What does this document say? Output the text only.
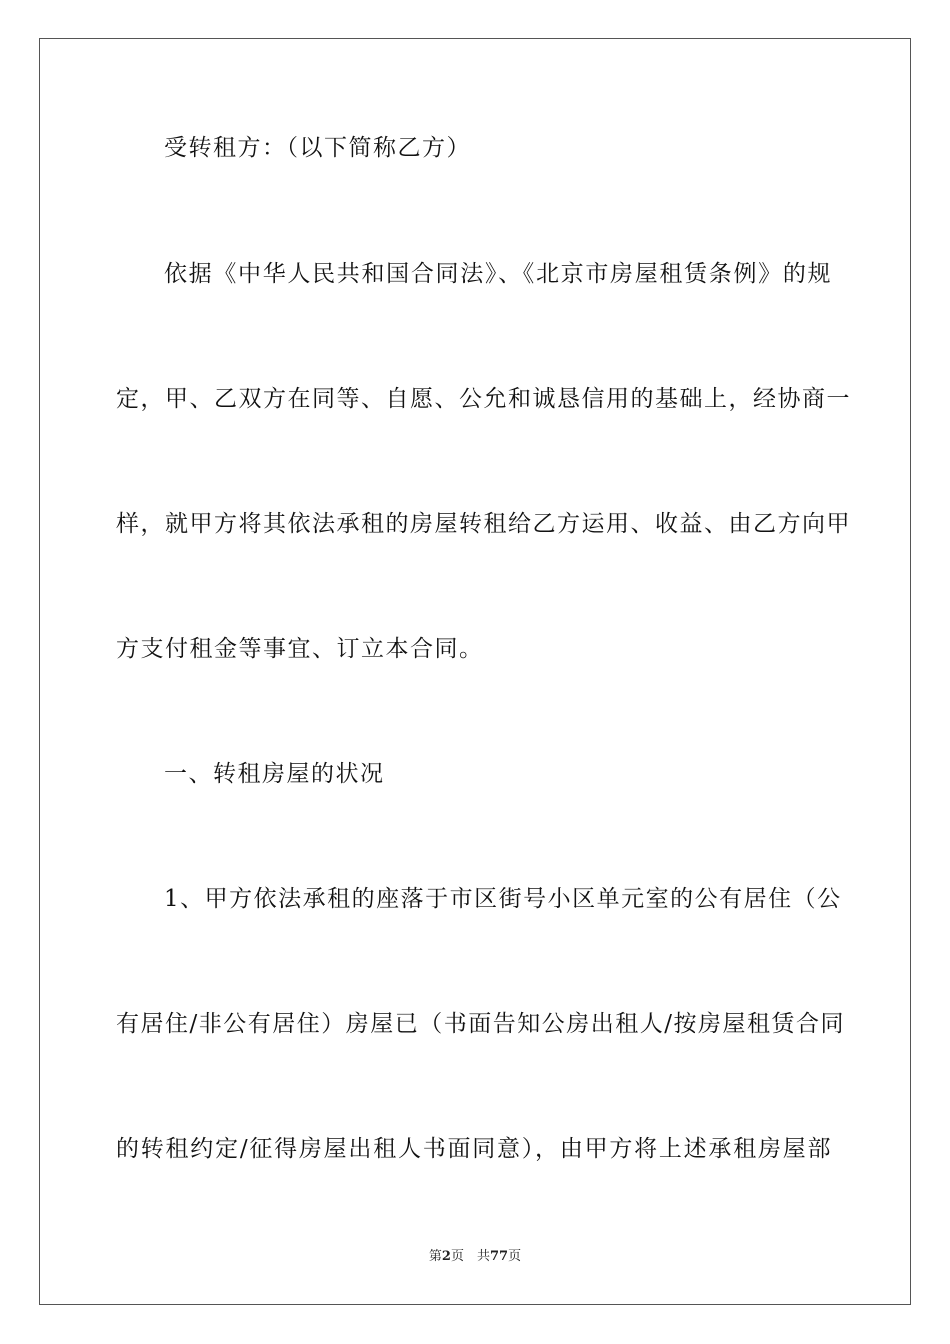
受转租方：（以下简称乙方）
依据《中华人民共和国合同法》、《北京市房屋租赁条例》的规
定，甲、乙双方在同等、自愿、公允和诚恳信用的基础上，经协商一
样，就甲方将其依法承租的房屋转租给乙方运用、收益、由乙方向甲
方支付租金等事宜、订立本合同。
一、转租房屋的状况
1、甲方依法承租的座落于市区街号小区单元室的公有居住（公
有居住/非公有居住）房屋已（书面告知公房出租人/按房屋租赁合同
的转租约定/征得房屋出租人书面同意），由甲方将上述承租房屋部
第2页　共77页
